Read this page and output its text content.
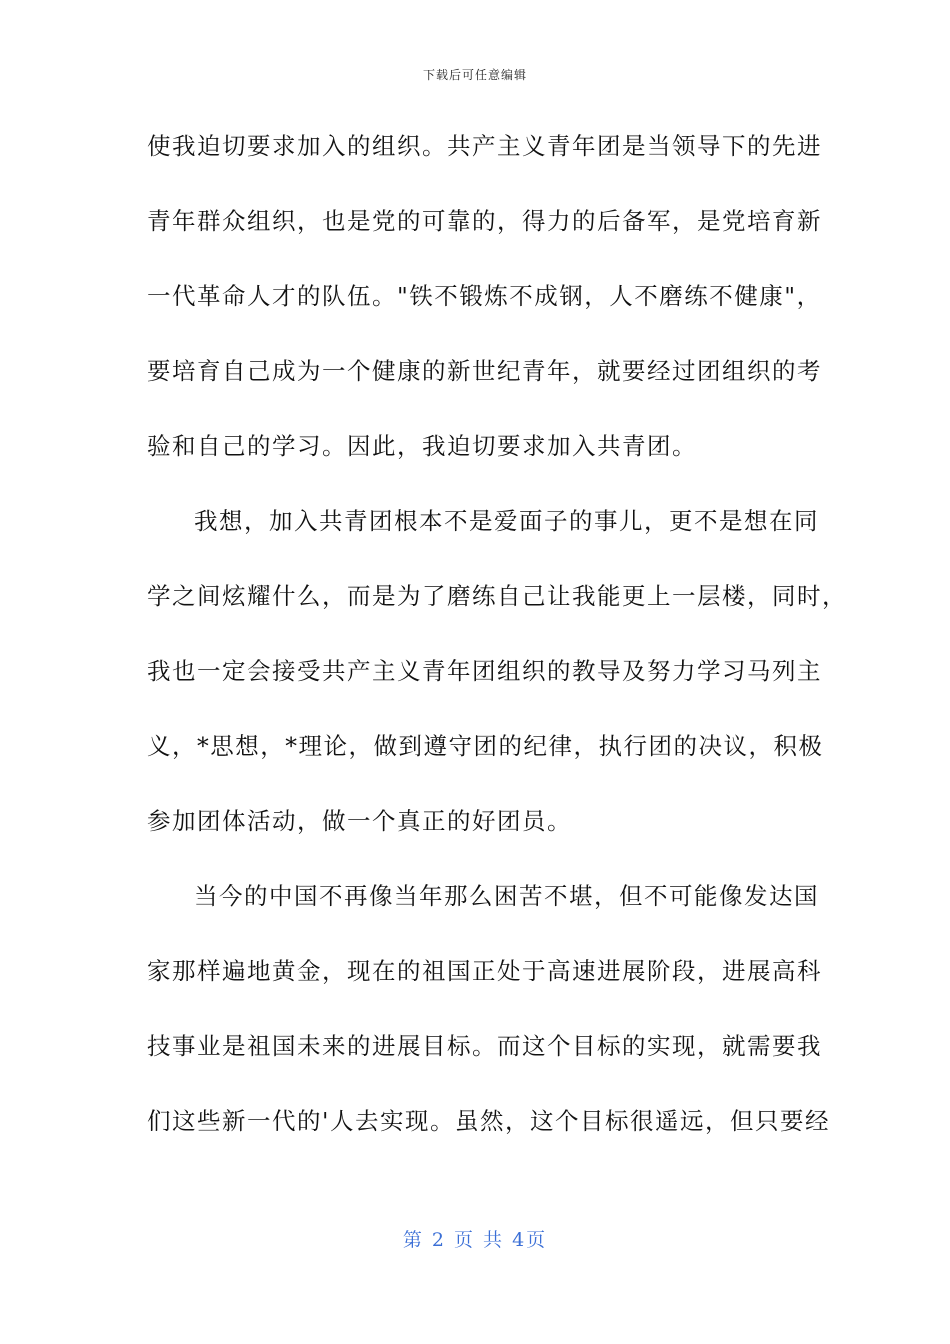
下载后可任意编辑
使我迫切要求加入的组织。共产主义青年团是当领导下的先进
青年群众组织，也是党的可靠的，得力的后备军，是党培育新
一代革命人才的队伍。"铁不锻炼不成钢，人不磨练不健康"，
要培育自己成为一个健康的新世纪青年，就要经过团组织的考
验和自己的学习。因此，我迫切要求加入共青团。
我想，加入共青团根本不是爱面子的事儿，更不是想在同
学之间炫耀什么，而是为了磨练自己让我能更上一层楼，同时，
我也一定会接受共产主义青年团组织的教导及努力学习马列主
义，*思想，*理论，做到遵守团的纪律，执行团的决议，积极
参加团体活动，做一个真正的好团员。
当今的中国不再像当年那么困苦不堪，但不可能像发达国
家那样遍地黄金，现在的祖国正处于高速进展阶段，进展高科
技事业是祖国未来的进展目标。而这个目标的实现，就需要我
们这些新一代的'人去实现。虽然，这个目标很遥远，但只要经
第 2 页 共 4页
